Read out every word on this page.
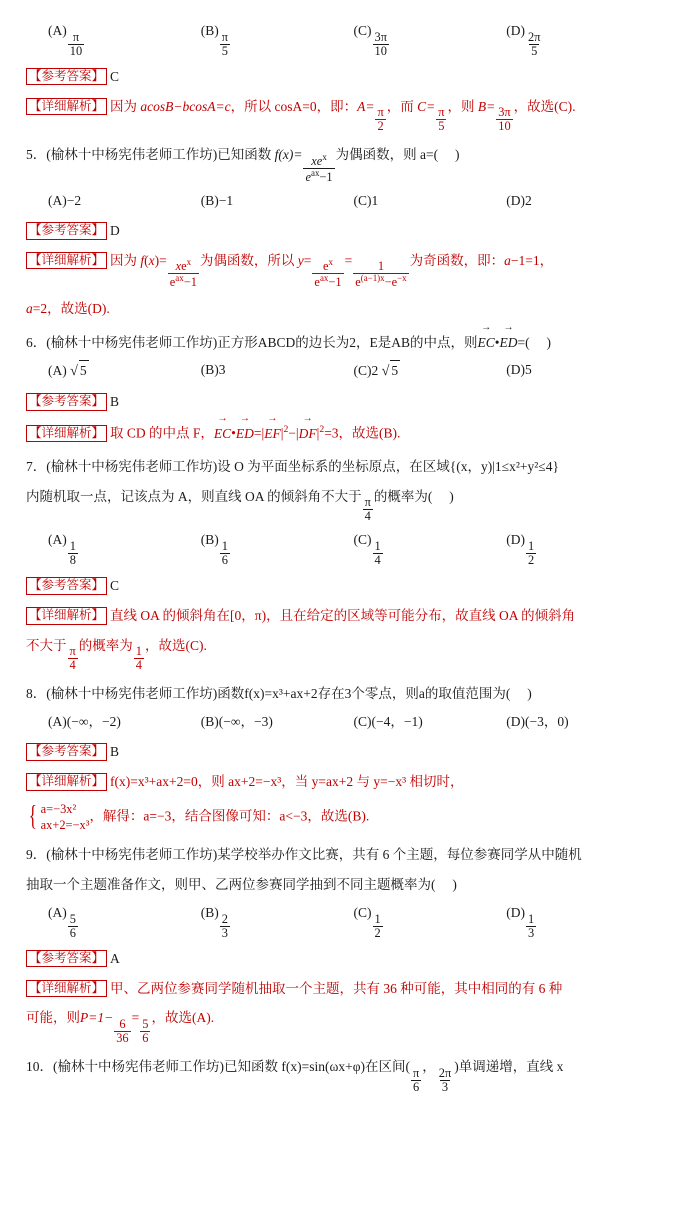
(A)
$\frac{\pi}{10}$
(B)
$\frac{\pi}{5}$
(C)
$\frac{3\pi}{10}$
(D)
$\frac{2\pi}{5}$
【参考答案】 C
【详细解析】 因为 acosB−bcosA=c，所以 cosA=0，即：A=
$\frac{\pi}{2}$
，而 C=
$\frac{\pi}{5}$
，则 B=
$\frac{3\pi}{10}$
，故选(C).
5．(榆林十中杨宪伟老师工作坊)已知函数 $f(x)= \frac{xe^x}{e^{ax}-1}$ 为偶函数，则 a=( )
(A)−2	(B)−1	(C)1	(D)2
【参考答案】 D
【详细解析】 因为 $f(x)= \frac{xe^x}{e^{ax}-1}$ 为偶函数，所以 $y= \frac{e^x}{e^{ax}-1}$ =
$\frac{1}{e^{(a-1)x}-e^{-x}}$
为奇函数，即：a−1=1，
a=2，故选(D).
6．(榆林十中杨宪伟老师工作坊)正方形ABCD的边长为2，E是AB的中点，则EC →•ED →=( )
(A) √ 5	(B)3	(C)2 √ 5	(D)5
【参考答案】 B
【详细解析】 取 CD 的中点 F，EC →•ED $\to=|EF \to|^2-|DF \to|^2=3$，故选(B).
7．(榆林十中杨宪伟老师工作坊)设 O 为平面坐标系的坐标原点，在区域{(x，y)|1≤x²+y²≤4}
内随机取一点，记该点为 A，则直线 OA 的倾斜角不大于
$\frac{\pi}{4}$
的概率为( )
(A)
$\frac{1}{8}$
(B)
$\frac{1}{6}$
(C)
$\frac{1}{4}$
(D)
$\frac{1}{2}$
【参考答案】 C
【详细解析】 直线 OA 的倾斜角在[0，π)，且在给定的区域等可能分布，故直线 OA 的倾斜角
不大于
$\frac{\pi}{4}$
的概率为
$\frac{1}{4}$
，故选(C).
8．(榆林十中杨宪伟老师工作坊)函数f(x)=x³+ax+2存在3个零点，则a的取值范围为( )
(A)(−∞，−2)	(B)(−∞，−3)	(C)(−4，−1)	(D)(−3，0)
【参考答案】 B
【详细解析】 f(x)=x³+ax+2=0，则 ax+2=−x³，当 y=ax+2 与 y=−x³ 相切时，
{ a=−3x²
ax+2=−x³
，解得：a=−3，结合图像可知：a<−3，故选(B).
9．(榆林十中杨宪伟老师工作坊)某学校举办作文比赛，共有 6 个主题，每位参赛同学从中随机
抽取一个主题准备作文，则甲、乙两位参赛同学抽到不同主题概率为( )
(A)
$\frac{5}{6}$
(B)
$\frac{2}{3}$
(C)
$\frac{1}{2}$
(D)
$\frac{1}{3}$
【参考答案】 A
【详细解析】 甲、乙两位参赛同学随机抽取一个主题，共有 36 种可能，其中相同的有 6 种
可能，则P=1−
$\frac{6}{36}$
=
$\frac{5}{6}$
，故选(A).
10．(榆林十中杨宪伟老师工作坊)已知函数 f(x)=sin(ωx+φ)在区间(
$\frac{\pi}{6}$
，
$\frac{2\pi}{3}$
)单调递增，直线 x
